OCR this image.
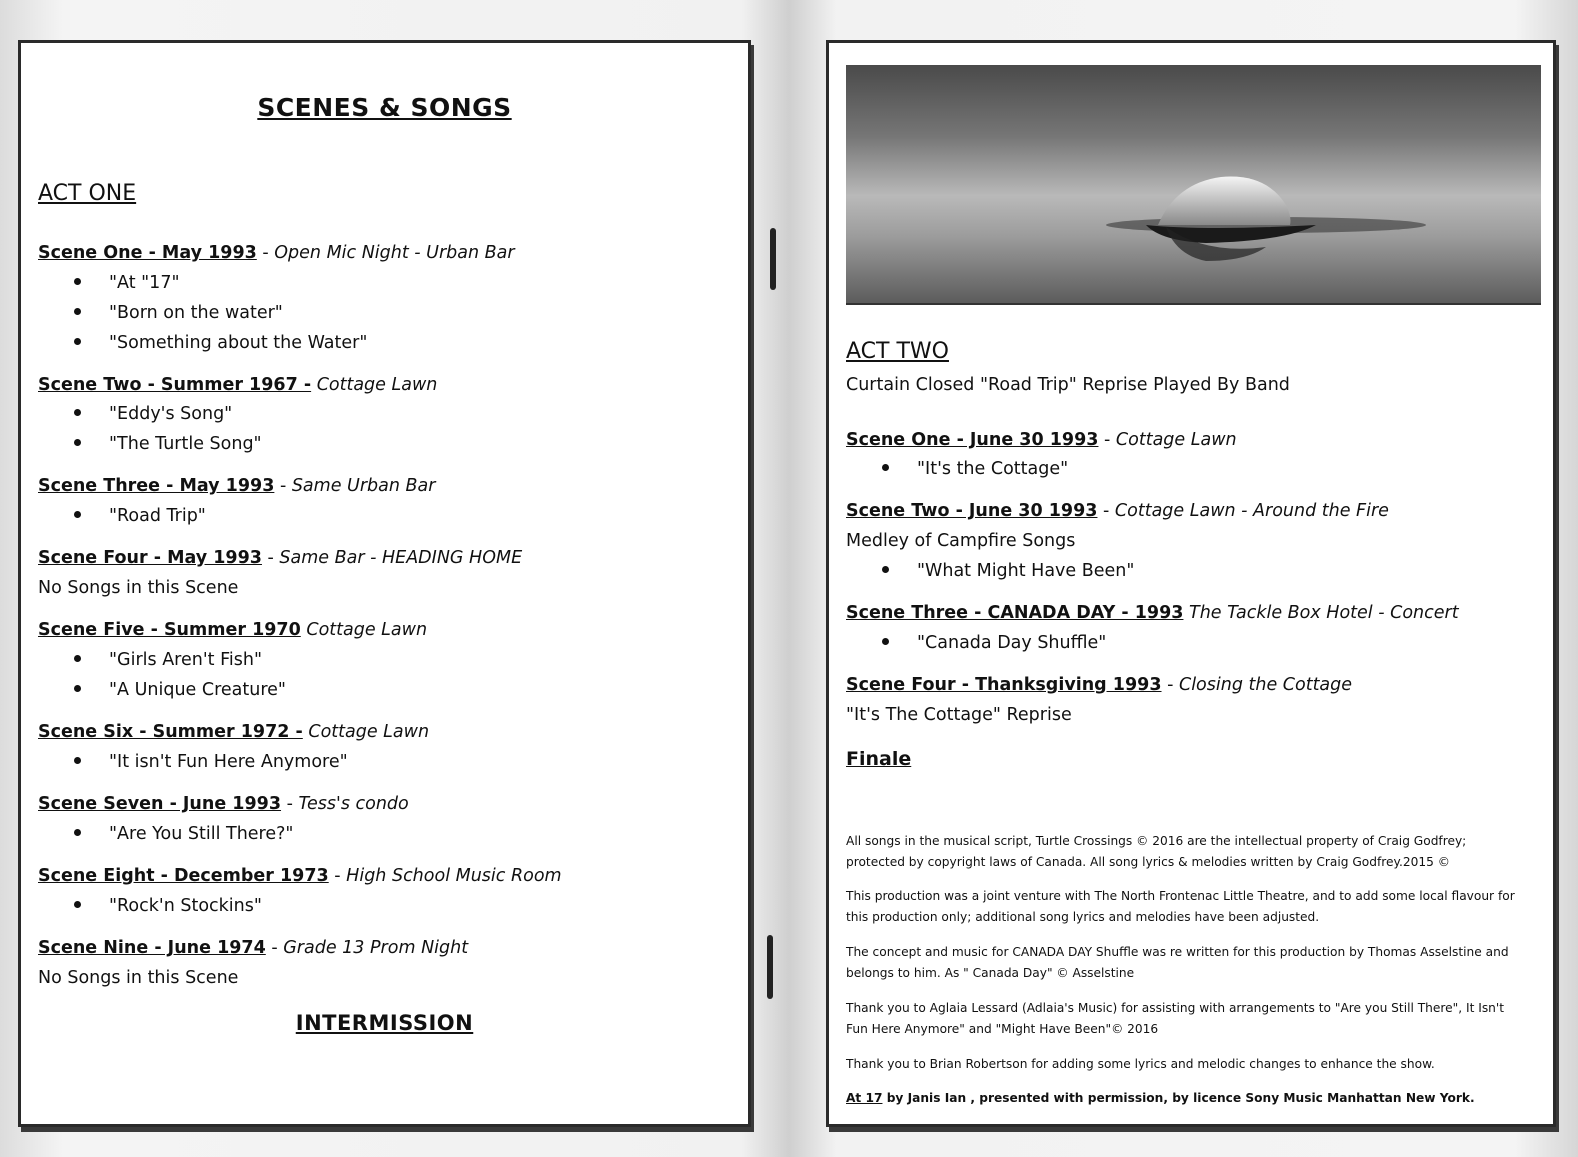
SCENES & SONGS
ACT ONE
Scene One - May 1993 - Open Mic Night - Urban Bar
"At "17"
"Born on the water"
"Something about the Water"
Scene Two - Summer 1967 - Cottage Lawn
"Eddy's Song"
"The Turtle Song"
Scene Three - May 1993 - Same Urban Bar
"Road Trip"
Scene Four - May 1993 - Same Bar - HEADING HOME
No Songs in this Scene
Scene Five - Summer 1970 Cottage Lawn
"Girls Aren't Fish"
"A Unique Creature"
Scene Six - Summer 1972 - Cottage Lawn
"It isn't Fun Here Anymore"
Scene Seven - June 1993 - Tess's condo
"Are You Still There?"
Scene Eight - December 1973 - High School Music Room
"Rock'n Stockins"
Scene Nine - June 1974 - Grade 13 Prom Night
No Songs in this Scene
INTERMISSION
ACT TWO
Curtain Closed "Road Trip" Reprise Played By Band
Scene One - June 30 1993 - Cottage Lawn
"It's the Cottage"
Scene Two - June 30 1993 - Cottage Lawn - Around the Fire
Medley of Campfire Songs
"What Might Have Been"
Scene Three - CANADA DAY - 1993 The Tackle Box Hotel - Concert
"Canada Day Shuffle"
Scene Four - Thanksgiving 1993 - Closing the Cottage
"It's The Cottage" Reprise
Finale
All songs in the musical script, Turtle Crossings © 2016 are the intellectual property of Craig Godfrey;
protected by copyright laws of Canada. All song lyrics & melodies written by Craig Godfrey.2015 ©
This production was a joint venture with The North Frontenac Little Theatre, and to add some local flavour for
this production only; additional song lyrics and melodies have been adjusted.
The concept and music for CANADA DAY Shuffle was re written for this production by Thomas Asselstine and
belongs to him. As " Canada Day" © Asselstine
Thank you to Aglaia Lessard (Adlaia's Music) for assisting with arrangements to "Are you Still There", It Isn't
Fun Here Anymore" and "Might Have Been"© 2016
Thank you to Brian Robertson for adding some lyrics and melodic changes to enhance the show.
At 17 by Janis Ian , presented with permission, by licence Sony Music Manhattan New York.
